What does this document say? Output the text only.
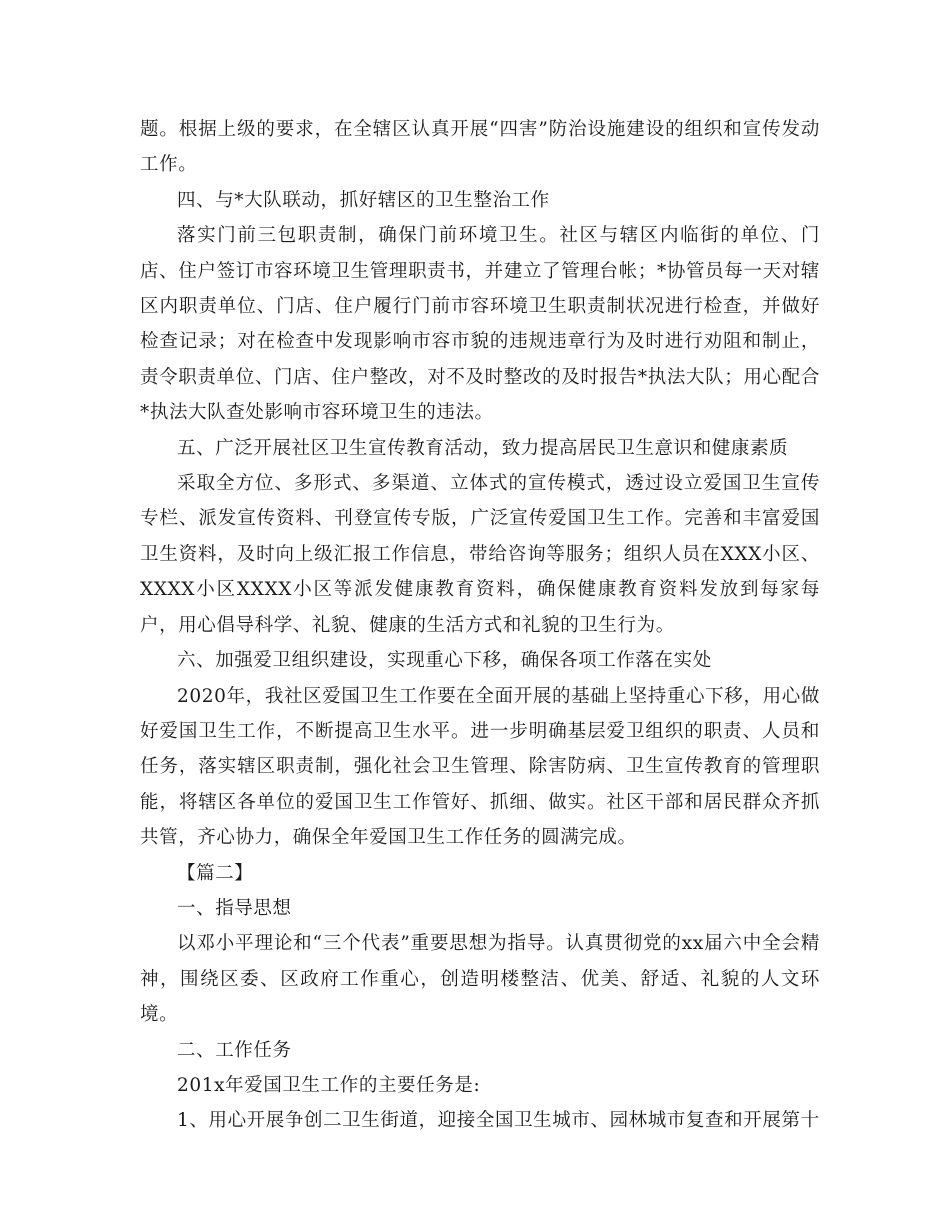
题。根据上级的要求，在全辖区认真开展“四害”防治设施建设的组织和宣传发动工作。

四、与*大队联动，抓好辖区的卫生整治工作

落实门前三包职责制，确保门前环境卫生。社区与辖区内临街的单位、门店、住户签订市容环境卫生管理职责书，并建立了管理台帐；*协管员每一天对辖区内职责单位、门店、住户履行门前市容环境卫生职责制状况进行检查，并做好检查记录；对在检查中发现影响市容市貌的违规违章行为及时进行劝阻和制止，责令职责单位、门店、住户整改，对不及时整改的及时报告*执法大队；用心配合*执法大队查处影响市容环境卫生的违法。

五、广泛开展社区卫生宣传教育活动，致力提高居民卫生意识和健康素质

采取全方位、多形式、多渠道、立体式的宣传模式，透过设立爱国卫生宣传专栏、派发宣传资料、刊登宣传专版，广泛宣传爱国卫生工作。完善和丰富爱国卫生资料，及时向上级汇报工作信息，带给咨询等服务；组织人员在XXX小区、XXXX小区XXXX小区等派发健康教育资料，确保健康教育资料发放到每家每户，用心倡导科学、礼貌、健康的生活方式和礼貌的卫生行为。

六、加强爱卫组织建设，实现重心下移，确保各项工作落在实处

2020年，我社区爱国卫生工作要在全面开展的基础上坚持重心下移，用心做好爱国卫生工作，不断提高卫生水平。进一步明确基层爱卫组织的职责、人员和任务，落实辖区职责制，强化社会卫生管理、除害防病、卫生宣传教育的管理职能，将辖区各单位的爱国卫生工作管好、抓细、做实。社区干部和居民群众齐抓共管，齐心协力，确保全年爱国卫生工作任务的圆满完成。

【篇二】

一、指导思想

以邓小平理论和“三个代表”重要思想为指导。认真贯彻党的xx届六中全会精神，围绕区委、区政府工作重心，创造明楼整洁、优美、舒适、礼貌的人文环境。

二、工作任务

201x年爱国卫生工作的主要任务是:

1、用心开展争创二卫生街道，迎接全国卫生城市、园林城市复查和开展第十
